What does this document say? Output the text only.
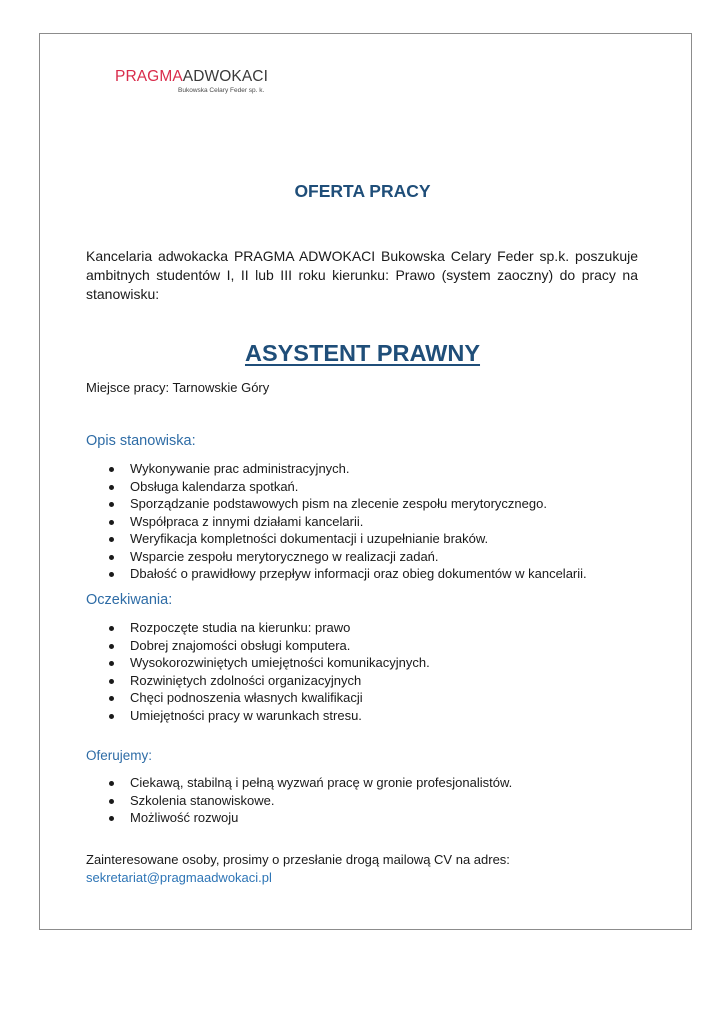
PRAGMAADWOKACI
Bukowska Celary Feder sp. k.
OFERTA PRACY

Kancelaria adwokacka PRAGMA ADWOKACI Bukowska Celary Feder sp.k. poszukuje ambitnych studentów I, II lub III roku kierunku: Prawo (system zaoczny) do pracy na stanowisku:

ASYSTENT PRAWNY
Miejsce pracy: Tarnowskie Góry
Opis stanowiska:
Wykonywanie prac administracyjnych.
Obsługa kalendarza spotkań.
Sporządzanie podstawowych pism na zlecenie zespołu merytorycznego.
Współpraca z innymi działami kancelarii.
Weryfikacja kompletności dokumentacji i uzupełnianie braków.
Wsparcie zespołu merytorycznego w realizacji zadań.
Dbałość o prawidłowy przepływ informacji oraz obieg dokumentów w kancelarii.
Oczekiwania:
Rozpoczęte studia na kierunku: prawo
Dobrej znajomości obsługi komputera.
Wysokorozwiniętych umiejętności komunikacyjnych.
Rozwiniętych zdolności organizacyjnych
Chęci podnoszenia własnych kwalifikacji
Umiejętności pracy w warunkach stresu.
Oferujemy:
Ciekawą, stabilną i pełną wyzwań pracę w gronie profesjonalistów.
Szkolenia stanowiskowe.
Możliwość rozwoju
Zainteresowane osoby, prosimy o przesłanie drogą mailową CV na adres:
sekretariat@pragmaadwokaci.pl
